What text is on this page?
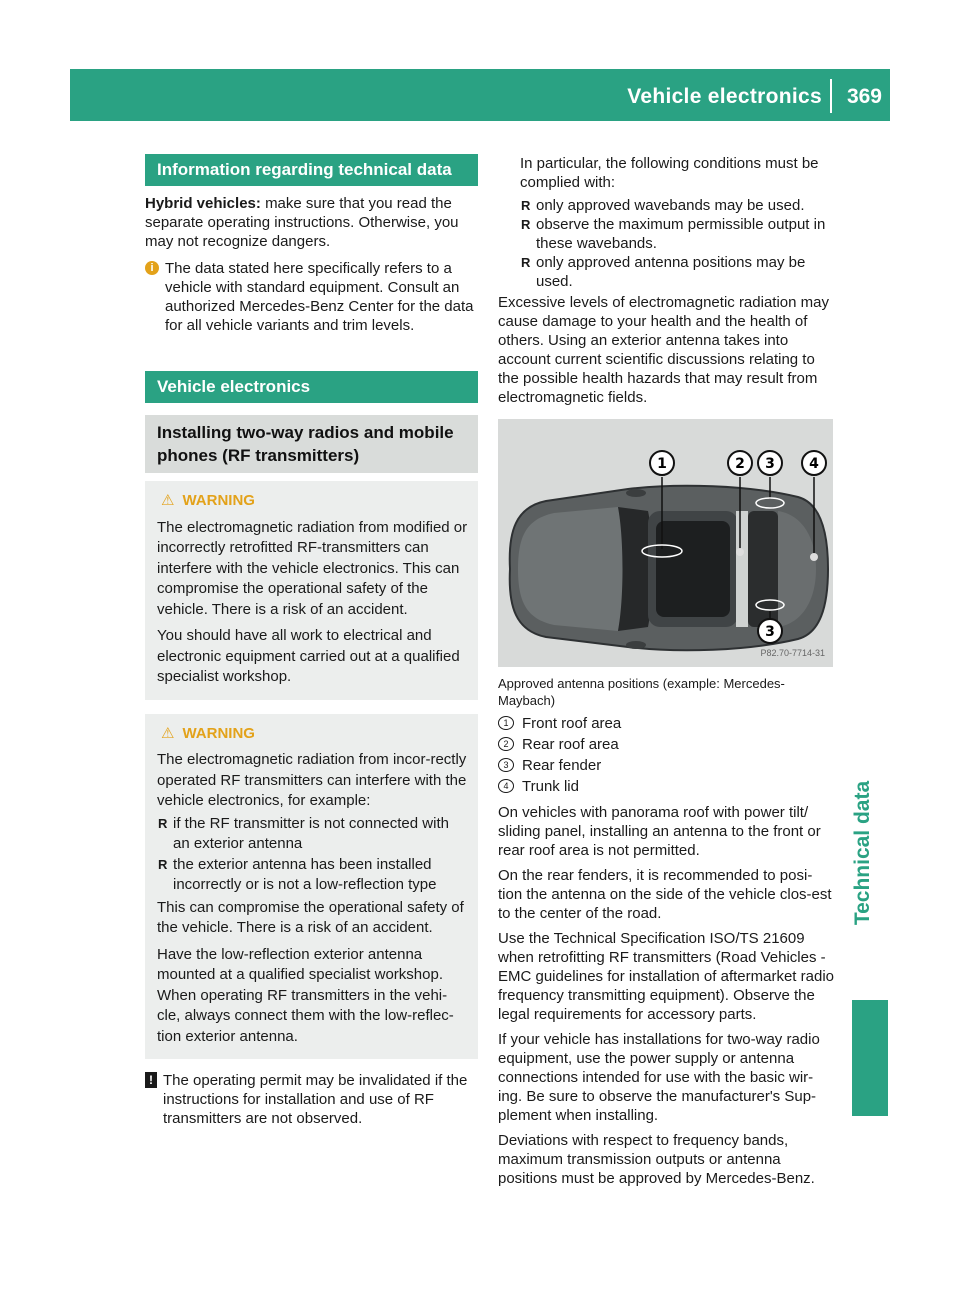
Vehicle electronics 369
Technical data
Information regarding technical data

Hybrid vehicles: make sure that you read the separate operating instructions. Otherwise, you may not recognize dangers.

i The data stated here specifically refers to a vehicle with standard equipment. Consult an authorized Mercedes-Benz Center for the data for all vehicle variants and trim levels.
Vehicle electronics
Installing two-way radios and mobile phones (RF transmitters)
⚠ WARNING

The electromagnetic radiation from modified or incorrectly retrofitted RF-transmitters can interfere with the vehicle electronics. This can compromise the operational safety of the vehicle. There is a risk of an accident.

You should have all work to electrical and electronic equipment carried out at a qualified specialist workshop.

⚠ WARNING

The electromagnetic radiation from incor-rectly operated RF transmitters can interfere with the vehicle electronics, for example:

R if the RF transmitter is not connected with an exterior antenna
R the exterior antenna has been installed incorrectly or is not a low-reflection type

This can compromise the operational safety of the vehicle. There is a risk of an accident.

Have the low-reflection exterior antenna mounted at a qualified specialist workshop.

When operating RF transmitters in the vehi-cle, always connect them with the low-reflec-tion exterior antenna.

! The operating permit may be invalidated if the instructions for installation and use of RF transmitters are not observed.

In particular, the following conditions must be complied with:

R only approved wavebands may be used.
R observe the maximum permissible output in these wavebands.
R only approved antenna positions may be used.

Excessive levels of electromagnetic radiation may cause damage to your health and the health of others. Using an exterior antenna takes into account current scientific discussions relating to the possible health hazards that may result from electromagnetic fields.

1	2 3 4
3
P82.70-7714-31

Approved antenna positions (example: Mercedes-Maybach)

1 Front roof area
2 Rear roof area
3 Rear fender
4 Trunk lid

On vehicles with panorama roof with power tilt/ sliding panel, installing an antenna to the front or rear roof area is not permitted.

On the rear fenders, it is recommended to posi-tion the antenna on the side of the vehicle clos-est to the center of the road.

Use the Technical Specification ISO/TS 21609 when retrofitting RF transmitters (Road Vehicles - EMC guidelines for installation of aftermarket radio frequency transmitting equipment). Observe the legal requirements for accessory parts.

If your vehicle has installations for two-way radio equipment, use the power supply or antenna connections intended for use with the basic wir-ing. Be sure to observe the manufacturer's Sup-plement when installing.

Deviations with respect to frequency bands, maximum transmission outputs or antenna positions must be approved by Mercedes-Benz.
